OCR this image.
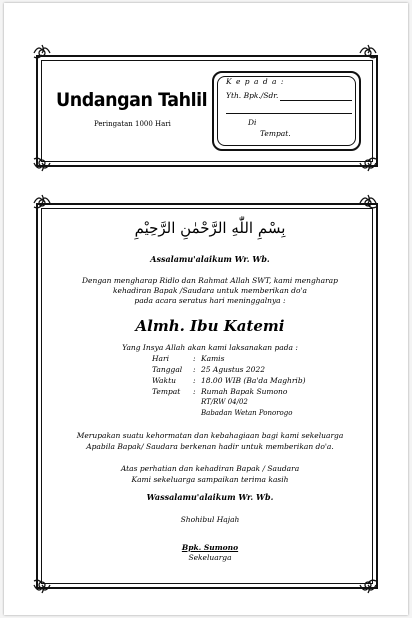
Undangan Tahlil
Peringatan 1000 Hari
K e p a d a :
Yth. Bpk./Sdr.
Di
Tempat.
بِسْمِ اللّٰهِ الرَّحْمٰنِ الرَّحِيْمِ
Assalamu'alaikum Wr. Wb.
Dengan mengharap Ridlo dan Rahmat Allah SWT, kami mengharap
kehadiran Bapak /Saudara untuk memberikan do'a
pada acara seratus hari meninggalnya :
Almh. Ibu Katemi
Yang Insya Allah akan kami laksanakan pada :
Hari	: Kamis
Tanggal : 25 Agustus 2022
Waktu : 18.00 WIB (Ba'da Maghrib)
Tempat : Rumah Bapak Sumono
RT/RW 04/02
Babadan Wetan Ponorogo
Merupakan suatu kehormatan dan kebahagiaan bagi kami sekeluarga
Apabila Bapak/ Saudara berkenan hadir untuk memberikan do'a.
Atas perhatian dan kehadiran Bapak / Saudara
Kami sekeluarga sampaikan terima kasih
Wassalamu'alaikum Wr. Wb.
Shohibul Hajah
Bpk. Sumono
Sekeluarga
